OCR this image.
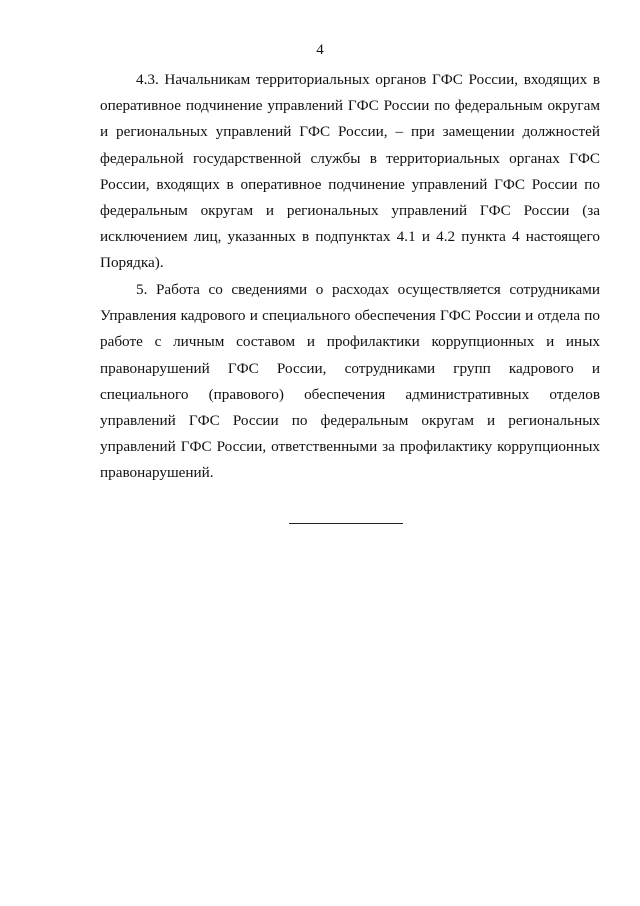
4

4.3. Начальникам территориальных органов ГФС России, входящих в оперативное подчинение управлений ГФС России по федеральным округам и региональных управлений ГФС России, – при замещении должностей федеральной государственной службы в территориальных органах ГФС России, входящих в оперативное подчинение управлений ГФС России по федеральным округам и региональных управлений ГФС России (за исключением лиц, указанных в подпунктах 4.1 и 4.2 пункта 4 настоящего Порядка).

5. Работа со сведениями о расходах осуществляется сотрудниками Управления кадрового и специального обеспечения ГФС России и отдела по работе с личным составом и профилактики коррупционных и иных правонарушений ГФС России, сотрудниками групп кадрового и специального (правового) обеспечения административных отделов управлений ГФС России по федеральным округам и региональных управлений ГФС России, ответственными за профилактику коррупционных правонарушений.
